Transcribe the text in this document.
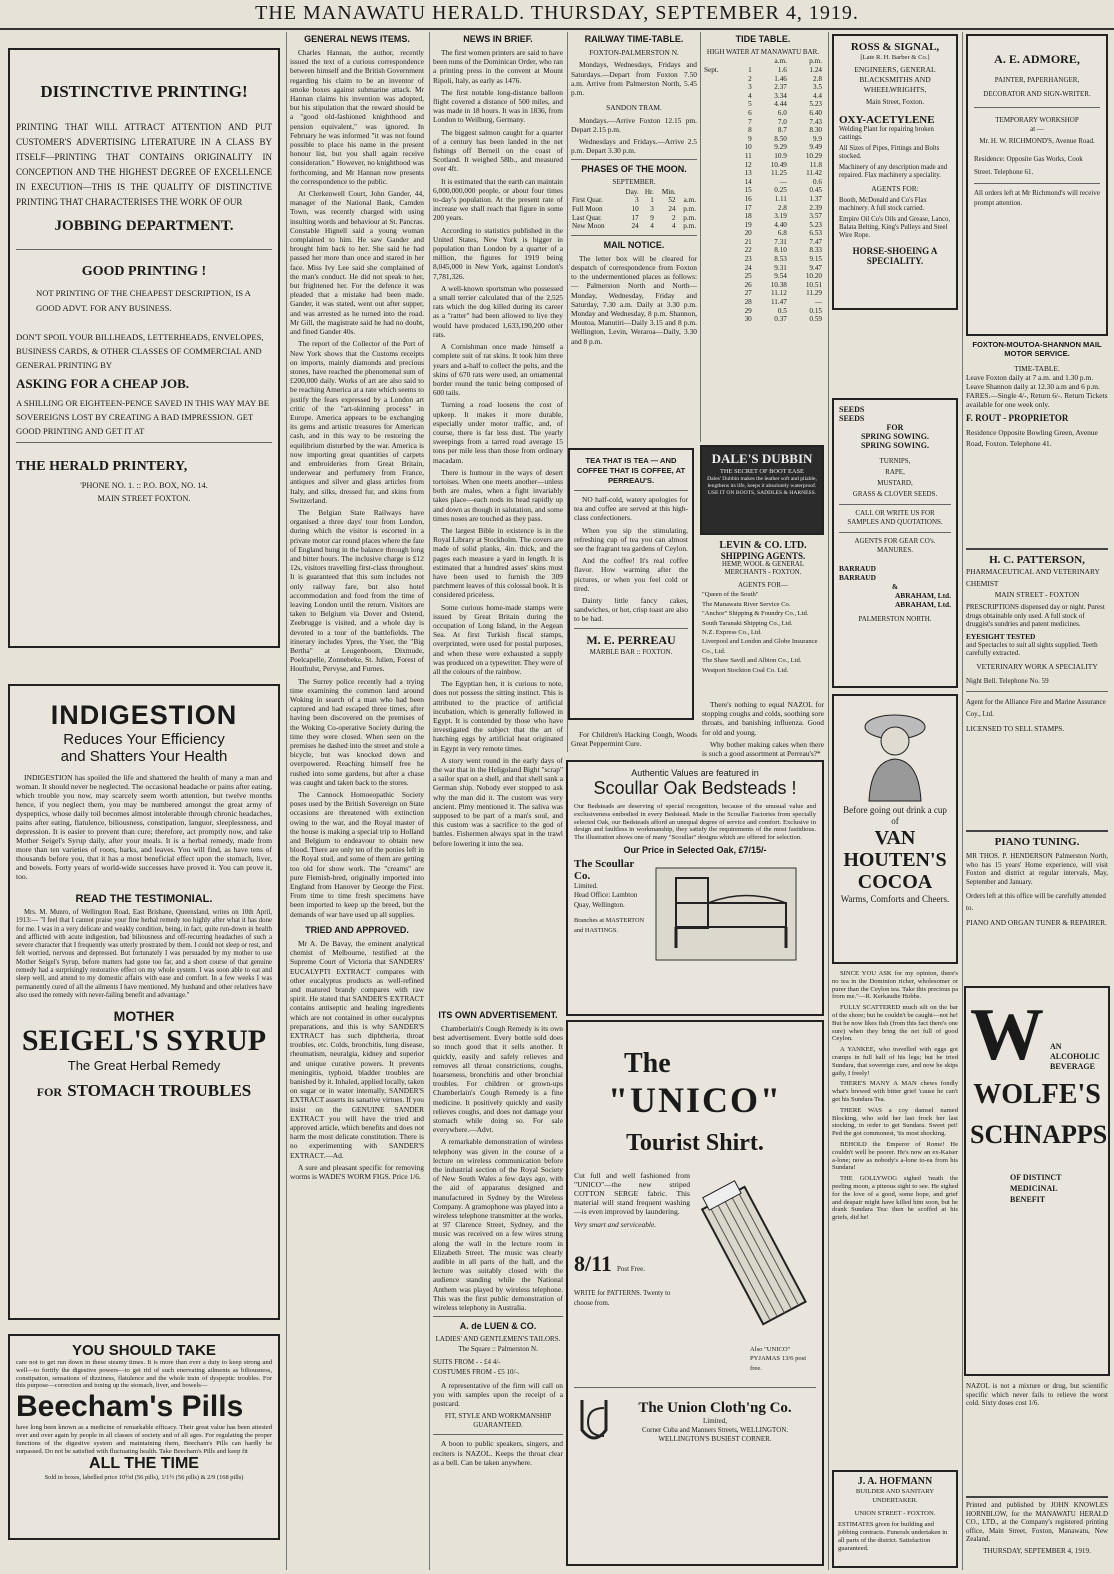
THE MANAWATU HERALD. THURSDAY, SEPTEMBER 4, 1919.
DISTINCTIVE PRINTING!

PRINTING THAT WILL ATTRACT ATTENTION AND PUT CUSTOMER'S ADVERTISING LITERATURE IN A CLASS BY ITSELF—PRINTING THAT CONTAINS ORIGINALITY IN CONCEPTION AND THE HIGHEST DEGREE OF EXCELLENCE IN EXECUTION—THIS IS THE QUALITY OF DISTINCTIVE PRINTING THAT CHARACTERISES THE WORK OF OUR

JOBBING DEPARTMENT.
GOOD PRINTING !

NOT PRINTING OF THE CHEAPEST DESCRIPTION, IS A GOOD ADVT. FOR ANY BUSINESS.

DON'T SPOIL YOUR BILLHEADS, LETTERHEADS, ENVELOPES, BUSINESS CARDS, & OTHER CLASSES OF COMMERCIAL AND GENERAL PRINTING BY

ASKING FOR A CHEAP JOB.

A SHILLING OR EIGHTEEN-PENCE SAVED IN THIS WAY MAY BE SOVEREIGNS LOST BY CREATING A BAD IMPRESSION. GET GOOD PRINTING AND GET IT AT

THE HERALD PRINTERY,
'PHONE NO. 1. :: P.O. BOX, NO. 14.
MAIN STREET FOXTON.
INDIGESTION
Reduces Your Efficiency
and Shatters Your Health

INDIGESTION has spoiled the life and shattered the health of many a man and woman. It should never be neglected. The occasional headache or pains after eating, which trouble you now, may scarcely seem worth attention, but twelve months hence, if you neglect them, you may be numbered amongst the great army of dyspeptics, whose daily toil becomes almost intolerable through chronic headaches, pains after eating, flatulence, biliousness, constipation, languor, sleeplessness, and depression. It is easier to prevent than cure; therefore, act promptly now, and take Mother Seigel's Syrup daily, after your meals. It is a herbal remedy, made from more than ten varieties of roots, barks, and leaves. You will find, as have tens of thousands before you, that it has a most beneficial effect upon the stomach, liver, and bowels. Forty years of world-wide successes have proved it. You can prove it, too.

READ THE TESTIMONIAL.

Mrs. M. Munro, of Wellington Road, East Brisbane, Queensland, writes on 10th April, 1913:— "I feel that I cannot praise your fine herbal remedy too highly after what it has done for me. I was in a very delicate and weakly condition, being, in fact, quite run-down in health and afflicted with acute indigestion, bad biliousness and off-recurring headaches of such a severe character that I frequently was utterly prostrated by them. I could not sleep or rest, and felt worried, nervous and depressed. But fortunately I was persuaded by my mother to use Mother Seigel's Syrup, before matters had gone too far, and a short course of that genuine remedy had a surprisingly restorative effect on my whole system. I was soon able to eat and sleep well, and attend to my domestic affairs with ease and comfort. In a few weeks I was permanently cured of all the ailments I have mentioned. My husband and other relatives have also used the remedy with never-failing benefit and advantage."

MOTHER
SEIGEL'S SYRUP
The Great Herbal Remedy
FOR STOMACH TROUBLES
YOU SHOULD TAKE

care not to get run down in these steamy times. It is more than ever a duty to keep strong and well—to fortify the digestive powers—to get rid of such enervating ailments as biliousness, constipation, sensations of dizziness, flatulence and the whole train of dyspeptic troubles. For this purpose—correction and toning up the stomach, liver, and bowels—

Beecham's Pills

have long been known as a medicine of remarkable efficacy. Their great value has been attested over and over again by people in all classes of society and of all ages. For regulating the proper functions of the digestive system and maintaining them, Beecham's Pills can hardly be surpassed. Do not be satisfied with fluctuating health. Take Beecham's Pills and keep fit

ALL THE TIME
Sold in boxes, labelled price 10½d (56 pills), 1/1½ (56 pills) & 2/9 (168 pills)
GENERAL NEWS ITEMS.

Charles Hannan, the author, recently issued the text of a curious correspondence between himself and the British Government regarding his claim to be an inventor of smoke boxes against submarine attack. Mr Hannan claims his invention was adopted, but his stipulation that the reward should be a "good old-fashioned knighthood and pension equivalent," was ignored. In February he was informed "it was not found possible to place his name in the present honour list, but you shall again receive consideration." However, no knighthood was forthcoming, and Mr Hannan now presents the correspondence to the public.

At Clerkenwell Court, John Gander, 44, manager of the National Bank, Camden Town, was recently charged with using insulting words and behaviour at St. Pancras. Constable Hignell said a young woman complained to him. He saw Gander and brought him back to her. She said he had passed her more than once and stared in her face. Miss Ivy Lee said she complained of the man's conduct. He did not speak to her, but frightened her. For the defence it was pleaded that a mistake had been made. Gander, it was stated, went out after supper, and was arrested as he turned into the road. Mr Gill, the magistrate said he had no doubt, and fined Gander 40s.

The report of the Collector of the Port of New York shows that the Customs receipts on imports, mainly diamonds and precious stones, have reached the phenomenal sum of £200,000 daily. Works of art are also said to be reaching America at a rate which seems to justify the fears expressed by a London art critic of the "art-skinning process" in Europe. America appears to be exchanging its gems and artistic treasures for American cash, and in this way to be restoring the equilibrium disturbed by the war. America is now importing great quantities of carpets and embroideries from Great Britain, underwear and perfumery from France, antiques and silver and glass articles from Italy, and silks, dressed fur, and skins from Switzerland.

The Belgian State Railways have organised a three days' tour from London, during which the visitor is escorted in a private motor car round places where the fate of England hung in the balance through long and bitter hours. The inclusive charge is £12 12s, visitors travelling first-class throughout. It is guaranteed that this sum includes not only railway fare, but also hotel accommodation and food from the time of leaving London until the return. Visitors are taken to Belgium via Dover and Ostend, Zeebrugge is visited, and a whole day is devoted to a tour of the battlefields. The itinerary includes Ypres, the Yser, the "Big Bertha" at Leugenboom, Dixmude, Poelcapelle, Zonnebeke, St. Julien, Forest of Houthulst, Pervyse, and Furnes.

The Surrey police recently had a trying time examining the common land around Woking in search of a man who had been captured and had escaped three times, after having been discovered on the premises of the Woking Co-operative Society during the time they were closed. When seen on the premises he dashed into the street and stole a bicycle, but was knocked down and overpowered. Reaching himself free he rushed into some gardens, but after a chase was caught and taken back to the stores.

The Cannock Homoeopathic Society poses used by the British Sovereign on State occasions are threatened with extinction owing to the war, and the Royal master of the house is making a special trip to Holland and Belgium to endeavour to obtain new blood. There are only ten of the ponies left in the Royal stud, and some of them are getting too old for show work. The "creams" are pure Flemish-bred, originally imported into England from Hanover by George the First. From time to time fresh specimens have been imported to keep up the breed, but the demands of war have used up all supplies.

TRIED AND APPROVED.

Mr A. De Bavay, the eminent analytical chemist of Melbourne, testified at the Supreme Court of Victoria that SANDERS' EUCALYPTI EXTRACT compares with other eucalyptus products as well-refined and matured brandy compares with raw spirit. He stated that SANDER'S EXTRACT contains antiseptic and healing ingredients which are not contained in other eucalyptus preparations, and this is why SANDER'S EXTRACT has such diphtheria, throat troubles, etc. Colds, bronchitis, lung disease, rheumatism, neuralgia, kidney and superior and unique curative powers. It prevents meningitis, typhoid, bladder troubles are banished by it. Inhaled, applied locally, taken on sugar or in water internally, SANDER'S EXTRACT asserts its sanative virtues. If you insist on the GENUINE SANDER EXTRACT you will have the tried and approved article, which benefits and does not harm the most delicate constitution. There is no experimenting with SANDER'S EXTRACT.—Ad.

A sure and pleasant specific for removing worms is WADE'S WORM FIGS. Price 1/6.

NEWS IN BRIEF.

The first women printers are said to have been nuns of the Dominican Order, who ran a printing press in the convent at Mount Ripoli, Italy, as early as 1476.

The first notable long-distance balloon flight covered a distance of 500 miles, and was made in 18 hours. It was in 1836, from London to Weilburg, Germany.

The biggest salmon caught for a quarter of a century has been landed in the net fishings off Berneil on the coast of Scotland. It weighed 58lb., and measured over 4ft.

It is estimated that the earth can maintain 6,000,000,000 people, or about four times to-day's population. At the present rate of increase we shall reach that figure in some 200 years.

According to statistics published in the United States, New York is bigger in population than London by a quarter of a million, the figures for 1919 being 8,045,000 in New York, against London's 7,781,326.

A well-known sportsman who possessed a small terrier calculated that of the 2,525 rats which the dog killed during its career as a "ratter" had been allowed to live they would have produced 1,633,190,200 other rats.

A Cornishman once made himself a complete suit of rat skins. It took him three years and a-half to collect the pelts, and the skins of 670 rats were used, an ornamental border round the tunic being composed of 600 tails.

Turning a road loosens the cost of upkeep. It makes it more durable, especially under motor traffic, and, of course, there is far less dust. The yearly sweepings from a tarred road average 15 tons per mile less than those from ordinary macadam.

There is humour in the ways of desert tortoises. When one meets another—unless both are males, when a fight invariably takes place—each nods its head rapidly up and down as though in salutation, and some times noses are touched as they pass.

The largest Bible in existence is in the Royal Library at Stockholm. The covers are made of solid planks, 4in. thick, and the pages each measure a yard in length. It is estimated that a hundred asses' skins must have been used to furnish the 309 parchment leaves of this colossal book. It is considered priceless.

Some curious home-made stamps were issued by Great Britain during the occupation of Long Island, in the Aegean Sea. At first Turkish fiscal stamps, overprinted, were used for postal purposes, and when these were exhausted a supply was produced on a typewriter. They were of all the colours of the rainbow.

The Egyptian hen, it is curious to note, does not possess the sitting instinct. This is attributed to the practice of artificial incubation, which is generally followed in Egypt. It is contended by those who have investigated the subject that the art of hatching eggs by artificial heat originated in Egypt in very remote times.

A story went round in the early days of the war that in the Heligoland Bight "scrap" a sailor spat on a shell, and that shell sank a German ship. Nobody ever stopped to ask why the man did it. The custom was very ancient. Plmy mentioned it. The saliva was supposed to be part of a man's soul, and this custom was a sacrifice to the god of battles. Fishermen always spat in the trawl before lowering it into the sea.

ITS OWN ADVERTISEMENT.

Chamberlain's Cough Remedy is its own best advertisement. Every bottle sold does so much good that it sells another. It quickly, easily and safely relieves and removes all throat constrictions, coughs, hoarseness, bronchitis and other bronchial troubles. For children or grown-ups Chamberlain's Cough Remedy is a fine medicine. It positively quickly and easily relieves coughs, and does not damage your stomach while doing so. For sale everywhere.—Advt.

A remarkable demonstration of wireless telephony was given in the course of a lecture on wireless communication before the industrial section of the Royal Society of New South Wales a few days ago, with the aid of apparatus designed and manufactured in Sydney by the Wireless Company. A gramophone was played into a wireless telephone transmitter at the works, at 97 Clarence Street, Sydney, and the music was received on a few wires strung along the wall in the lecture room in Elizabeth Street. The music was clearly audible in all parts of the hall, and the lecture was suitably closed with the audience standing while the National Anthem was played by wireless telephone. This was the first public demonstration of wireless telephony in Australia.

A. de LUEN & CO.
LADIES' AND GENTLEMEN'S TAILORS.
The Square :: Palmerston N.
SUITS FROM - - £4 4/-
COSTUMES FROM - £5 10/-.

A representative of the firm will call on you with samples upon the receipt of a postcard.

FIT, STYLE AND WORKMANSHIP GUARANTEED.

A boon to public speakers, singers, and reciters is NAZOL. Keeps the throat clear as a bell. Can be taken anywhere.

RAILWAY TIME-TABLE.
FOXTON-PALMERSTON N.

Mondays, Wednesdays, Fridays and Saturdays.—Depart from Foxton 7.50 a.m. Arrive from Palmerston North, 5.45 p.m.

SANDON TRAM.

Mondays.—Arrive Foxton 12.15 pm. Depart 2.15 p.m.

Wednesdays and Fridays.—Arrive 2.5 p.m. Depart 3.30 p.m.

PHASES OF THE MOON.
SEPTEMBER.
	Day.	Hr.	Min.	
First Quar.	3	1	52	a.m.
Full Moon	10	3	24	p.m.
Last Quar.	17	9	2	p.m.
New Moon	24	4	4	p.m.
MAIL NOTICE.

The letter box will be cleared for despatch of correspondence from Foxton to the undermentioned places as follows:— Palmerston North and North—Monday, Wednesday, Friday and Saturday, 7.30 a.m. Daily at 3.30 p.m. Monday and Wednesday, 8 p.m. Shannon, Moutoa, Manutiri—Daily 3.15 and 8 p.m. Wellington, Levin, Weraroa—Daily, 3.30 and 8 p.m.

TIDE TABLE.
HIGH WATER AT MANAWATU BAR.
		a.m.	p.m.
Sept.	1	1.6	1.24
	2	1.46	2.8
	3	2.37	3.5
	4	3.34	4.4
	5	4.44	5.23
	6	6.0	6.40
	7	7.0	7.43
	8	8.7	8.30
	9	8.50	9.9
	10	9.29	9.49
	11	10.9	10.29
	12	10.49	11.8
	13	11.25	11.42
	14	—	0.6
	15	0.25	0.45
	16	1.11	1.37
	17	2.8	2.39
	18	3.19	3.57
	19	4.40	5.23
	20	6.8	6.53
	21	7.31	7.47
	22	8.10	8.33
	23	8.53	9.15
	24	9.31	9.47
	25	9.54	10.20
	26	10.38	10.51
	27	11.12	11.29
	28	11.47	—
	29	0.5	0.15
	30	0.37	0.59
DALE'S DUBBIN
THE SECRET OF BOOT EASE
Dales' Dubbin makes the leather soft and pliable, lengthens its life, keeps it absolutely waterproof. USE IT ON BOOTS, SADDLES & HARNESS.
TEA THAT IS TEA — AND COFFEE THAT IS COFFEE, AT PERREAU'S.

NO half-cold, watery apologies for tea and coffee are served at this high-class confectioners.

When you sip the stimulating, refreshing cup of tea you can almost see the fragrant tea gardens of Ceylon.

And the coffee! It's real coffee flavor. How warming after the pictures, or when you feel cold or tired.

Dainty little fancy cakes, sandwiches, or hot, crisp toast are also to be had.

M. E. PERREAU
MARBLE BAR :: FOXTON.
LEVIN & CO. LTD.
SHIPPING AGENTS.
HEMP, WOOL & GENERAL MERCHANTS - FOXTON.
AGENTS FOR—
"Queen of the South"
The Manawatu River Service Co.
"Anchor" Shipping & Foundry Co., Ltd.
South Taranaki Shipping Co., Ltd.
N.Z. Express Co., Ltd.
Liverpool and London and Globe Insurance Co., Ltd.
The Shaw Savill and Albion Co., Ltd.
Westport Stockton Coal Co. Ltd.

There's nothing to equal NAZOL for stopping coughs and colds, soothing sore throats, and banishing influenza. Good for old and young.

Why bother making cakes when there is such a good assortment at Perreau's?*

For Children's Hacking Cough, Woods Great Peppermint Cure.

Authentic Values are featured in
Scoullar Oak Bedsteads !

Our Bedsteads are deserving of special recognition, because of the unusual value and exclusiveness embodied in every Bedstead. Made in the Scoullar Factories from specially selected Oak, our Bedsteads afford an unequal degree of service and comfort. Exclusive in design and faultless in workmanship, they satisfy the requirements of the most fastidious. The illustration shows one of many "Scoullar" designs which are offered for selection.

Our Price in Selected Oak, £7/15/-
The Scoullar Co.
Limited.
Head Office: Lambton Quay, Wellington.
Branches at MASTERTON and HASTINGS.
The
"UNICO"
Tourist Shirt.

Cut full and well fashioned from "UNICO"—the new striped COTTON SERGE fabric. This material will stand frequent washing—is even improved by laundering.

Very smart and serviceable.
8/11 Post Free.
WRITE for PATTERNS. Twenty to choose from.
Also "UNICO" PYJAMAS 13/6 post free.
The Union Cloth'ng Co.
Limited,
Corner Cuba and Manners Streets, WELLINGTON.
WELLINGTON'S BUSIEST CORNER.
ROSS & SIGNAL,
[Late R. H. Barber & Co.]
ENGINEERS, GENERAL BLACKSMITHS AND WHEELWRIGHTS,
Main Street, Foxton.
OXY-ACETYLENE

Welding Plant for repairing broken castings.

All Sizes of Pipes, Fittings and Bolts stocked.

Machinery of any description made and repaired. Flax machinery a speciality.

AGENTS FOR:

Booth, McDonald and Co's Flax machinery. A full stock carried.

Empire Oil Co's Oils and Grease, Lanco, Balata Belting, King's Pulleys and Steel Wire Rope.

HORSE-SHOEING A SPECIALITY.
SEEDS
SEEDS
FOR
SPRING SOWING.
SPRING SOWING.
TURNIPS,
RAPE,
MUSTARD,
GRASS & CLOVER SEEDS.
CALL OR WRITE US FOR SAMPLES AND QUOTATIONS.
AGENTS FOR GEAR CO's. MANURES.
BARRAUD
BARRAUD
&
ABRAHAM, Ltd.
ABRAHAM, Ltd.
PALMERSTON NORTH.
Before going out drink a cup of
VAN HOUTEN'S
COCOA
Warms, Comforts and Cheers.

SINCE YOU ASK for my opinion, there's no tea in the Dominion richer, wholesomer or purer than the Ceylon tea. Take this precious pa from me."—R. Kerkaudie Hobbs.

FULLY SCATTERED much silt on the bar of the shore; but he couldn't be caught—not he! But he now likes fish (from this fact there's one sure) when they bring the net full of good Ceylon.

A YANKEE, who travelled with eggs got cramps in full half of his legs; but he tried Sundara, that sovereign cure, and now he skips gaily, I freely!

THERE'S MANY A MAN chews fondly what's brewed with bitter grief 'cause he can't get his Sundara Tea.

THERE WAS a coy damsel named Blocking, who sold her last frock her last stocking, in order to get Sundara. Sweet pet! Ped the got commonest, 'tis most shocking.

BEHOLD the Emperor of Rome! He couldn't well be poorer. He's now an ex-Kaiser a-lone; now as nobody's a-lone to-ea from his Sundara!

THE GOLLYWOG sighed 'neath the peeling moon, a piteous sight to see. He sighed for the love of a good, some hope, and grief and despair might have killed him soon, but he drank Sundara Tea: then he scoffed at his griefs, did he!

J. A. HOFMANN
BUILDER AND SANITARY UNDERTAKER.
UNION STREET - FOXTON.

ESTIMATES given for building and jobbing contracts. Funerals undertaken in all parts of the district. Satisfaction guaranteed.

A. E. ADMORE,
PAINTER, PAPERHANGER, DECORATOR AND SIGN-WRITER.
TEMPORARY WORKSHOP
at —
Mr. H. W. RICHMOND'S, Avenue Road.

Residence: Opposite Gas Works, Cook Street. Telephone 61.

All orders left at Mr Richmond's will receive prompt attention.

FOXTON-MOUTOA-SHANNON MAIL MOTOR SERVICE.
TIME-TABLE.

Leave Foxton daily at 7 a.m. and 1.30 p.m.

Leave Shannon daily at 12.30 a.m and 6 p.m.

FARES.—Single 4/-, Return 6/-. Return Tickets available for one week only.

F. ROUT - PROPRIETOR

Residence Opposite Bowling Green, Avenue Road, Foxton. Telephone 41.

H. C. PATTERSON,
PHARMACEUTICAL AND VETERINARY CHEMIST
MAIN STREET - FOXTON

PRESCRIPTIONS dispensed day or night. Purest drugs obtainable only used. A full stock of druggist's sundries and patent medicines.

EYESIGHT TESTED

and Spectacles to suit all sights supplied. Teeth carefully extracted.

VETERINARY WORK A SPECIALITY
Night Bell. Telephone No. 59

Agent for the Alliance Fire and Marine Assurance Coy., Ltd.

LICENSED TO SELL STAMPS.
PIANO TUNING.

MR THOS. P. HENDERSON Palmerston North, who has 15 years' Home experience, will visit Foxton and district at regular intervals, May, September and January.

Orders left at this office will be carefully attended to.

PIANO AND ORGAN TUNER & REPAIRER.
W AN ALCOHOLIC BEVERAGE
WOLFE'S
SCHNAPPS
OF DISTINCT MEDICINAL BENEFIT

NAZOL is not a mixture or drug, but scientific specific which never fails to relieve the worst cold. Sixty doses cost 1/6.

Printed and published by JOHN KNOWLES HORNBLOW, for the MANAWATU HERALD CO., LTD., at the Company's registered printing office, Main Street, Foxton, Manawatu, New Zealand.

THURSDAY, SEPTEMBER 4, 1919.
